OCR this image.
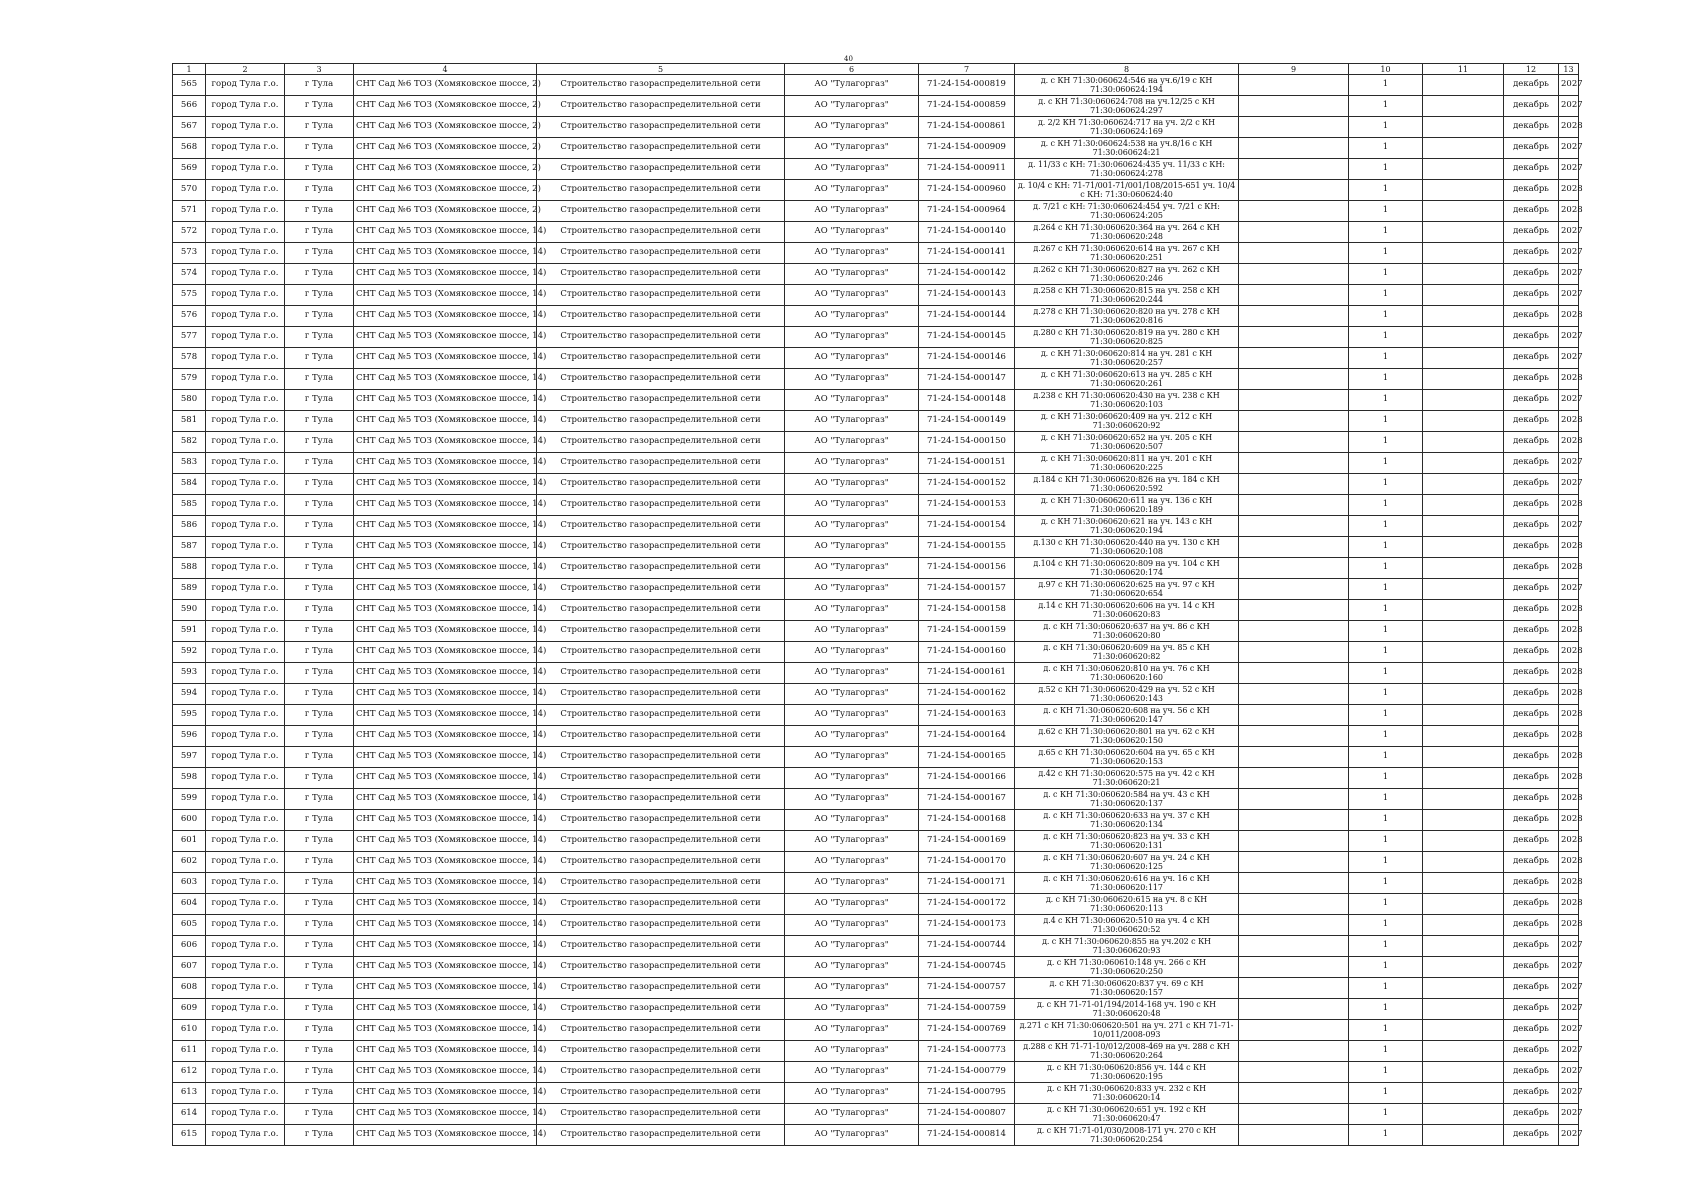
40
1	2	3	4	5	6	7	8	9	10	11	12	13
565	город Тула г.о.	г Тула	СНТ Сад №6 ТОЗ (Хомяковское шоссе, 2)	Строительство газораспределительной сети	АО "Тулагоргаз"	71-24-154-000819	д. с КН 71:30:060624:546 на уч.6/19 с КН 71:30:060624:194		1		декабрь	2027
566	город Тула г.о.	г Тула	СНТ Сад №6 ТОЗ (Хомяковское шоссе, 2)	Строительство газораспределительной сети	АО "Тулагоргаз"	71-24-154-000859	д. с КН 71:30:060624:708 на уч.12/25 с КН 71:30:060624:297		1		декабрь	2027
567	город Тула г.о.	г Тула	СНТ Сад №6 ТОЗ (Хомяковское шоссе, 2)	Строительство газораспределительной сети	АО "Тулагоргаз"	71-24-154-000861	д. 2/2 КН 71:30:060624:717 на уч. 2/2 с КН 71:30:060624:169		1		декабрь	2028
568	город Тула г.о.	г Тула	СНТ Сад №6 ТОЗ (Хомяковское шоссе, 2)	Строительство газораспределительной сети	АО "Тулагоргаз"	71-24-154-000909	д. с КН 71:30:060624:538 на уч.8/16 с КН 71:30:060624:21		1		декабрь	2027
569	город Тула г.о.	г Тула	СНТ Сад №6 ТОЗ (Хомяковское шоссе, 2)	Строительство газораспределительной сети	АО "Тулагоргаз"	71-24-154-000911	д. 11/33 с КН: 71:30:060624:435 уч. 11/33 с КН: 71:30:060624:278		1		декабрь	2027
570	город Тула г.о.	г Тула	СНТ Сад №6 ТОЗ (Хомяковское шоссе, 2)	Строительство газораспределительной сети	АО "Тулагоргаз"	71-24-154-000960	д. 10/4 с КН: 71-71/001-71/001/108/2015-651 уч. 10/4 с КН: 71:30:060624:40		1		декабрь	2028
571	город Тула г.о.	г Тула	СНТ Сад №6 ТОЗ (Хомяковское шоссе, 2)	Строительство газораспределительной сети	АО "Тулагоргаз"	71-24-154-000964	д. 7/21 с КН: 71:30:060624:454 уч. 7/21 с КН: 71:30:060624:205		1		декабрь	2028
572	город Тула г.о.	г Тула	СНТ Сад №5 ТОЗ (Хомяковское шоссе, 14)	Строительство газораспределительной сети	АО "Тулагоргаз"	71-24-154-000140	д.264 с КН 71:30:060620:364 на уч. 264 с КН 71:30:060620:248		1		декабрь	2027
573	город Тула г.о.	г Тула	СНТ Сад №5 ТОЗ (Хомяковское шоссе, 14)	Строительство газораспределительной сети	АО "Тулагоргаз"	71-24-154-000141	д.267 с КН 71:30:060620:614 на уч. 267 с КН 71:30:060620:251		1		декабрь	2027
574	город Тула г.о.	г Тула	СНТ Сад №5 ТОЗ (Хомяковское шоссе, 14)	Строительство газораспределительной сети	АО "Тулагоргаз"	71-24-154-000142	д.262 с КН 71:30:060620:827 на уч. 262 с КН 71:30:060620:246		1		декабрь	2027
575	город Тула г.о.	г Тула	СНТ Сад №5 ТОЗ (Хомяковское шоссе, 14)	Строительство газораспределительной сети	АО "Тулагоргаз"	71-24-154-000143	д.258 с КН 71:30:060620:815 на уч. 258 с КН 71:30:060620:244		1		декабрь	2027
576	город Тула г.о.	г Тула	СНТ Сад №5 ТОЗ (Хомяковское шоссе, 14)	Строительство газораспределительной сети	АО "Тулагоргаз"	71-24-154-000144	д.278 с КН 71:30:060620:820 на уч. 278 с КН 71:30:060620:816		1		декабрь	2028
577	город Тула г.о.	г Тула	СНТ Сад №5 ТОЗ (Хомяковское шоссе, 14)	Строительство газораспределительной сети	АО "Тулагоргаз"	71-24-154-000145	д.280 с КН 71:30:060620:819 на уч. 280 с КН 71:30:060620:825		1		декабрь	2027
578	город Тула г.о.	г Тула	СНТ Сад №5 ТОЗ (Хомяковское шоссе, 14)	Строительство газораспределительной сети	АО "Тулагоргаз"	71-24-154-000146	д. с КН 71:30:060620:814 на уч. 281 с КН 71:30:060620:257		1		декабрь	2027
579	город Тула г.о.	г Тула	СНТ Сад №5 ТОЗ (Хомяковское шоссе, 14)	Строительство газораспределительной сети	АО "Тулагоргаз"	71-24-154-000147	д. с КН 71:30:060620:613 на уч. 285 с КН 71:30:060620:261		1		декабрь	2028
580	город Тула г.о.	г Тула	СНТ Сад №5 ТОЗ (Хомяковское шоссе, 14)	Строительство газораспределительной сети	АО "Тулагоргаз"	71-24-154-000148	д.238 с КН 71:30:060620:430 на уч. 238 с КН 71:30:060620:103		1		декабрь	2027
581	город Тула г.о.	г Тула	СНТ Сад №5 ТОЗ (Хомяковское шоссе, 14)	Строительство газораспределительной сети	АО "Тулагоргаз"	71-24-154-000149	д. с КН 71:30:060620:409 на уч. 212 с КН 71:30:060620:92		1		декабрь	2028
582	город Тула г.о.	г Тула	СНТ Сад №5 ТОЗ (Хомяковское шоссе, 14)	Строительство газораспределительной сети	АО "Тулагоргаз"	71-24-154-000150	д. с КН 71:30:060620:652 на уч. 205 с КН 71:30:060620:507		1		декабрь	2028
583	город Тула г.о.	г Тула	СНТ Сад №5 ТОЗ (Хомяковское шоссе, 14)	Строительство газораспределительной сети	АО "Тулагоргаз"	71-24-154-000151	д. с КН 71:30:060620:811 на уч. 201 с КН 71:30:060620:225		1		декабрь	2027
584	город Тула г.о.	г Тула	СНТ Сад №5 ТОЗ (Хомяковское шоссе, 14)	Строительство газораспределительной сети	АО "Тулагоргаз"	71-24-154-000152	д.184 с КН 71:30:060620:826 на уч. 184 с КН 71:30:060620:592		1		декабрь	2027
585	город Тула г.о.	г Тула	СНТ Сад №5 ТОЗ (Хомяковское шоссе, 14)	Строительство газораспределительной сети	АО "Тулагоргаз"	71-24-154-000153	д. с КН 71:30:060620:611 на уч. 136 с КН 71:30:060620:189		1		декабрь	2028
586	город Тула г.о.	г Тула	СНТ Сад №5 ТОЗ (Хомяковское шоссе, 14)	Строительство газораспределительной сети	АО "Тулагоргаз"	71-24-154-000154	д. с КН 71:30:060620:621 на уч. 143 с КН 71:30:060620:194		1		декабрь	2027
587	город Тула г.о.	г Тула	СНТ Сад №5 ТОЗ (Хомяковское шоссе, 14)	Строительство газораспределительной сети	АО "Тулагоргаз"	71-24-154-000155	д.130 с КН 71:30:060620:440 на уч. 130 с КН 71:30:060620:108		1		декабрь	2028
588	город Тула г.о.	г Тула	СНТ Сад №5 ТОЗ (Хомяковское шоссе, 14)	Строительство газораспределительной сети	АО "Тулагоргаз"	71-24-154-000156	д.104 с КН 71:30:060620:809 на уч. 104 с КН 71:30:060620:174		1		декабрь	2028
589	город Тула г.о.	г Тула	СНТ Сад №5 ТОЗ (Хомяковское шоссе, 14)	Строительство газораспределительной сети	АО "Тулагоргаз"	71-24-154-000157	д.97 с КН 71:30:060620:625 на уч. 97 с КН 71:30:060620:654		1		декабрь	2027
590	город Тула г.о.	г Тула	СНТ Сад №5 ТОЗ (Хомяковское шоссе, 14)	Строительство газораспределительной сети	АО "Тулагоргаз"	71-24-154-000158	д.14 с КН 71:30:060620:606 на уч. 14 с КН 71:30:060620:83		1		декабрь	2028
591	город Тула г.о.	г Тула	СНТ Сад №5 ТОЗ (Хомяковское шоссе, 14)	Строительство газораспределительной сети	АО "Тулагоргаз"	71-24-154-000159	д. с КН 71:30:060620:637 на уч. 86 с КН 71:30:060620:80		1		декабрь	2028
592	город Тула г.о.	г Тула	СНТ Сад №5 ТОЗ (Хомяковское шоссе, 14)	Строительство газораспределительной сети	АО "Тулагоргаз"	71-24-154-000160	д. с КН 71:30:060620:609 на уч. 85 с КН 71:30:060620:82		1		декабрь	2028
593	город Тула г.о.	г Тула	СНТ Сад №5 ТОЗ (Хомяковское шоссе, 14)	Строительство газораспределительной сети	АО "Тулагоргаз"	71-24-154-000161	д. с КН 71:30:060620:810 на уч. 76 с КН 71:30:060620:160		1		декабрь	2028
594	город Тула г.о.	г Тула	СНТ Сад №5 ТОЗ (Хомяковское шоссе, 14)	Строительство газораспределительной сети	АО "Тулагоргаз"	71-24-154-000162	д.52 с КН 71:30:060620:429 на уч. 52 с КН 71:30:060620:143		1		декабрь	2028
595	город Тула г.о.	г Тула	СНТ Сад №5 ТОЗ (Хомяковское шоссе, 14)	Строительство газораспределительной сети	АО "Тулагоргаз"	71-24-154-000163	д. с КН 71:30:060620:608 на уч. 56 с КН 71:30:060620:147		1		декабрь	2028
596	город Тула г.о.	г Тула	СНТ Сад №5 ТОЗ (Хомяковское шоссе, 14)	Строительство газораспределительной сети	АО "Тулагоргаз"	71-24-154-000164	д.62 с КН 71:30:060620:801 на уч. 62 с КН 71:30:060620:150		1		декабрь	2028
597	город Тула г.о.	г Тула	СНТ Сад №5 ТОЗ (Хомяковское шоссе, 14)	Строительство газораспределительной сети	АО "Тулагоргаз"	71-24-154-000165	д.65 с КН 71:30:060620:604 на уч. 65 с КН 71:30:060620:153		1		декабрь	2028
598	город Тула г.о.	г Тула	СНТ Сад №5 ТОЗ (Хомяковское шоссе, 14)	Строительство газораспределительной сети	АО "Тулагоргаз"	71-24-154-000166	д.42 с КН 71:30:060620:575 на уч. 42 с КН 71:30:060620:21		1		декабрь	2028
599	город Тула г.о.	г Тула	СНТ Сад №5 ТОЗ (Хомяковское шоссе, 14)	Строительство газораспределительной сети	АО "Тулагоргаз"	71-24-154-000167	д. с КН 71:30:060620:584 на уч. 43 с КН 71:30:060620:137		1		декабрь	2028
600	город Тула г.о.	г Тула	СНТ Сад №5 ТОЗ (Хомяковское шоссе, 14)	Строительство газораспределительной сети	АО "Тулагоргаз"	71-24-154-000168	д. с КН 71:30:060620:633 на уч. 37 с КН 71:30:060620:134		1		декабрь	2028
601	город Тула г.о.	г Тула	СНТ Сад №5 ТОЗ (Хомяковское шоссе, 14)	Строительство газораспределительной сети	АО "Тулагоргаз"	71-24-154-000169	д. с КН 71:30:060620:823 на уч. 33 с КН 71:30:060620:131		1		декабрь	2028
602	город Тула г.о.	г Тула	СНТ Сад №5 ТОЗ (Хомяковское шоссе, 14)	Строительство газораспределительной сети	АО "Тулагоргаз"	71-24-154-000170	д. с КН 71:30:060620:607 на уч. 24 с КН 71:30:060620:125		1		декабрь	2028
603	город Тула г.о.	г Тула	СНТ Сад №5 ТОЗ (Хомяковское шоссе, 14)	Строительство газораспределительной сети	АО "Тулагоргаз"	71-24-154-000171	д. с КН 71:30:060620:616 на уч. 16 с КН 71:30:060620:117		1		декабрь	2028
604	город Тула г.о.	г Тула	СНТ Сад №5 ТОЗ (Хомяковское шоссе, 14)	Строительство газораспределительной сети	АО "Тулагоргаз"	71-24-154-000172	д. с КН 71:30:060620:615 на уч. 8 с КН 71:30:060620:113		1		декабрь	2028
605	город Тула г.о.	г Тула	СНТ Сад №5 ТОЗ (Хомяковское шоссе, 14)	Строительство газораспределительной сети	АО "Тулагоргаз"	71-24-154-000173	д.4 с КН 71:30:060620:510 на уч. 4 с КН 71:30:060620:52		1		декабрь	2028
606	город Тула г.о.	г Тула	СНТ Сад №5 ТОЗ (Хомяковское шоссе, 14)	Строительство газораспределительной сети	АО "Тулагоргаз"	71-24-154-000744	д. с КН 71:30:060620:855 на уч.202 с КН 71:30:060620:93		1		декабрь	2027
607	город Тула г.о.	г Тула	СНТ Сад №5 ТОЗ (Хомяковское шоссе, 14)	Строительство газораспределительной сети	АО "Тулагоргаз"	71-24-154-000745	д. с КН 71:30:060610:148 уч. 266 с КН 71:30:060620:250		1		декабрь	2027
608	город Тула г.о.	г Тула	СНТ Сад №5 ТОЗ (Хомяковское шоссе, 14)	Строительство газораспределительной сети	АО "Тулагоргаз"	71-24-154-000757	д. с КН 71:30:060620:837 уч. 69 с КН 71:30:060620:157		1		декабрь	2027
609	город Тула г.о.	г Тула	СНТ Сад №5 ТОЗ (Хомяковское шоссе, 14)	Строительство газораспределительной сети	АО "Тулагоргаз"	71-24-154-000759	д. с КН 71-71-01/194/2014-168 уч. 190 с КН 71:30:060620:48		1		декабрь	2027
610	город Тула г.о.	г Тула	СНТ Сад №5 ТОЗ (Хомяковское шоссе, 14)	Строительство газораспределительной сети	АО "Тулагоргаз"	71-24-154-000769	д.271 с КН 71:30:060620:501 на уч. 271 с КН 71-71-10/011/2008-093		1		декабрь	2027
611	город Тула г.о.	г Тула	СНТ Сад №5 ТОЗ (Хомяковское шоссе, 14)	Строительство газораспределительной сети	АО "Тулагоргаз"	71-24-154-000773	д.288 с КН 71-71-10/012/2008-469 на уч. 288 с КН 71:30:060620:264		1		декабрь	2027
612	город Тула г.о.	г Тула	СНТ Сад №5 ТОЗ (Хомяковское шоссе, 14)	Строительство газораспределительной сети	АО "Тулагоргаз"	71-24-154-000779	д. с КН 71:30:060620:856 уч. 144 с КН 71:30:060620:195		1		декабрь	2027
613	город Тула г.о.	г Тула	СНТ Сад №5 ТОЗ (Хомяковское шоссе, 14)	Строительство газораспределительной сети	АО "Тулагоргаз"	71-24-154-000795	д. с КН 71:30:060620:833 уч. 232 с КН 71:30:060620:14		1		декабрь	2027
614	город Тула г.о.	г Тула	СНТ Сад №5 ТОЗ (Хомяковское шоссе, 14)	Строительство газораспределительной сети	АО "Тулагоргаз"	71-24-154-000807	д. с КН 71:30:060620:651 уч. 192 с КН 71:30:060620:47		1		декабрь	2027
615	город Тула г.о.	г Тула	СНТ Сад №5 ТОЗ (Хомяковское шоссе, 14)	Строительство газораспределительной сети	АО "Тулагоргаз"	71-24-154-000814	д. с КН 71:71-01/030/2008-171 уч. 270 с КН 71:30:060620:254		1		декабрь	2027
